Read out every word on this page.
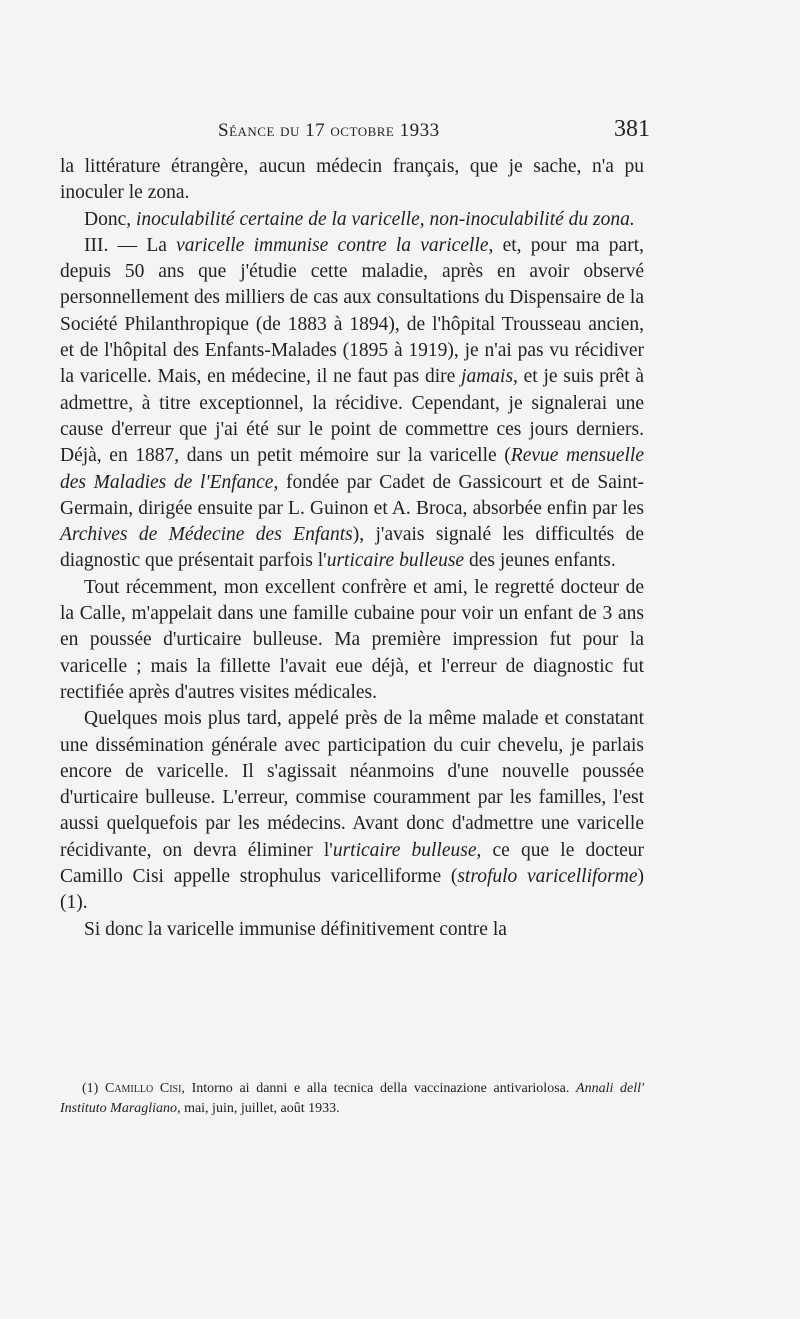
Séance du 17 octobre 1933	381

la littérature étrangère, aucun médecin français, que je sache, n'a pu inoculer le zona.

Donc, inoculabilité certaine de la varicelle, non-inoculabilité du zona.

III. — La varicelle immunise contre la varicelle, et, pour ma part, depuis 50 ans que j'étudie cette maladie, après en avoir observé personnellement des milliers de cas aux consultations du Dispensaire de la Société Philanthropique (de 1883 à 1894), de l'hôpital Trousseau ancien, et de l'hôpital des Enfants-Malades (1895 à 1919), je n'ai pas vu récidiver la varicelle. Mais, en médecine, il ne faut pas dire jamais, et je suis prêt à admettre, à titre exceptionnel, la récidive. Cependant, je signalerai une cause d'erreur que j'ai été sur le point de commettre ces jours derniers. Déjà, en 1887, dans un petit mémoire sur la varicelle (Revue mensuelle des Maladies de l'Enfance, fondée par Cadet de Gassicourt et de Saint-Germain, dirigée ensuite par L. Guinon et A. Broca, absorbée enfin par les Archives de Médecine des Enfants), j'avais signalé les difficultés de diagnostic que présentait parfois l'urticaire bulleuse des jeunes enfants.

Tout récemment, mon excellent confrère et ami, le regretté docteur de la Calle, m'appelait dans une famille cubaine pour voir un enfant de 3 ans en poussée d'urticaire bulleuse. Ma première impression fut pour la varicelle ; mais la fillette l'avait eue déjà, et l'erreur de diagnostic fut rectifiée après d'autres visites médicales.

Quelques mois plus tard, appelé près de la même malade et constatant une dissémination générale avec participation du cuir chevelu, je parlais encore de varicelle. Il s'agissait néanmoins d'une nouvelle poussée d'urticaire bulleuse. L'erreur, commise couramment par les familles, l'est aussi quelquefois par les médecins. Avant donc d'admettre une varicelle récidivante, on devra éliminer l'urticaire bulleuse, ce que le docteur Camillo Cisi appelle strophulus varicelliforme (strofulo varicelliforme) (1).

Si donc la varicelle immunise définitivement contre la

(1) Camillo Cisi, Intorno ai danni e alla tecnica della vaccinazione antivariolosa. Annali dell' Instituto Maragliano, mai, juin, juillet, août 1933.
